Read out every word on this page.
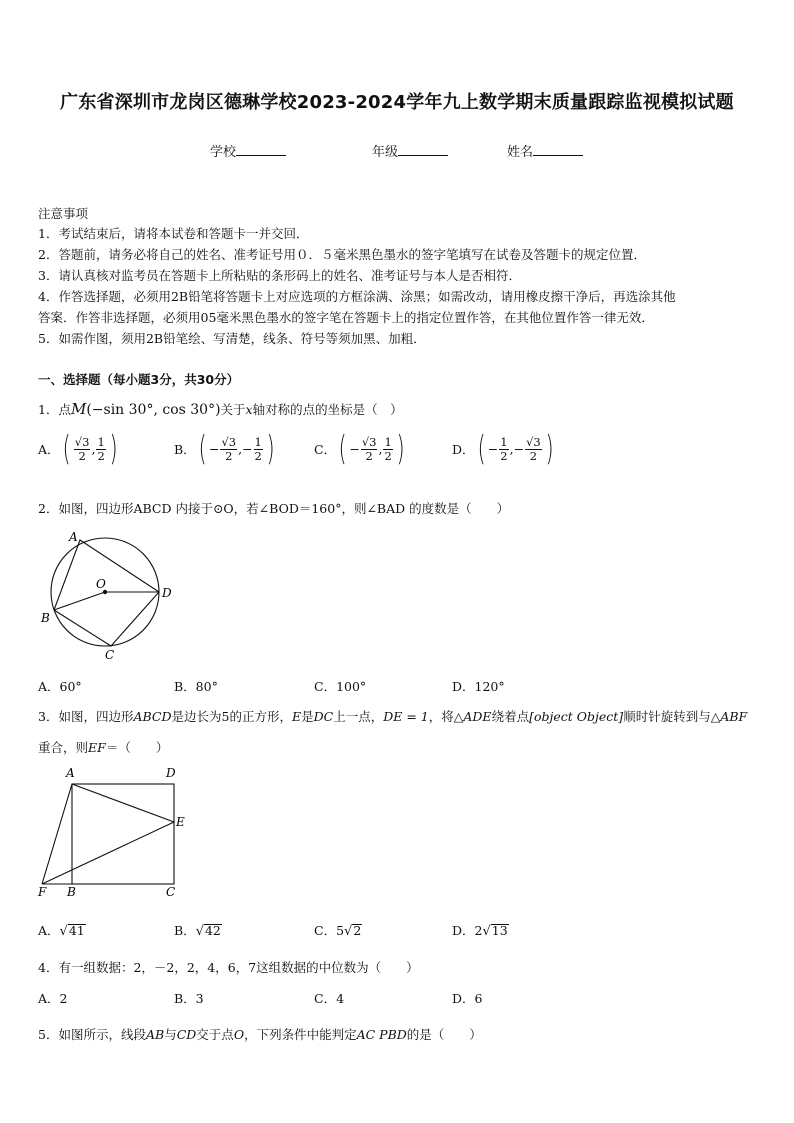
广东省深圳市龙岗区德琳学校2023-2024学年九上数学期末质量跟踪监视模拟试题
学校	年级	姓名
注意事项
1．考试结束后，请将本试卷和答题卡一并交回．
2．答题前，请务必将自己的姓名、准考证号用０．５毫米黑色墨水的签字笔填写在试卷及答题卡的规定位置．
3．请认真核对监考员在答题卡上所粘贴的条形码上的姓名、准考证号与本人是否相符．
4．作答选择题，必须用2B铅笔将答题卡上对应选项的方框涂满、涂黑；如需改动，请用橡皮擦干净后，再选涂其他
答案．作答非选择题，必须用05毫米黑色墨水的签字笔在答题卡上的指定位置作答，在其他位置作答一律无效．
5．如需作图，须用2B铅笔绘、写清楚，线条、符号等须加黑、加粗．
一、选择题（每小题3分，共30分）
1．点M(−sin 30°, cos 30°)关于x轴对称的点的坐标是（　）
A．( $\frac{√3}{2}$ , $\frac{1}{2}$ )	B．( − $\frac{√3}{2}$ ,− $\frac{1}{2}$ )	C．( − $\frac{√3}{2}$ , $\frac{1}{2}$ )	D．( − $\frac{1}{2}$ ,− $\frac{√3}{2}$ )
2．如图，四边形ABCD 内接于⊙O，若∠BOD＝160°，则∠BAD 的度数是（　　）
A
B
C
D
O
A．60°	B．80°	C．100°	D．120°
3．如图，四边形ABCD是边长为5的正方形，E是DC上一点，DE = 1，将△ADE绕着点[object Object]顺时针旋转到与△ABF
重合，则EF＝（　　）
A	D
E
F B	C
A．√41	B．√42	C．5√2	D．2√13
4．有一组数据：2，－2，2，4，6，7这组数据的中位数为（　　）
A．2	B．3	C．4	D．6
5．如图所示，线段AB与CD交于点O，下列条件中能判定AC PBD的是（　　）
